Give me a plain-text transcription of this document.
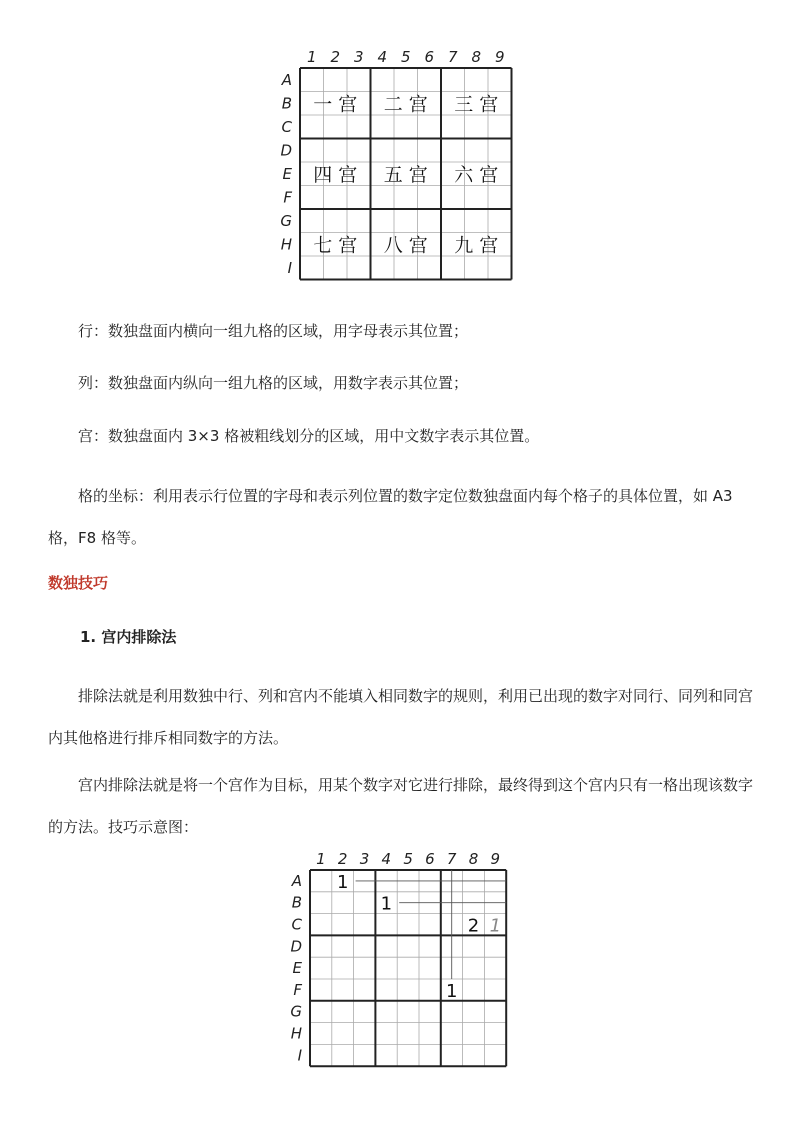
1 2 3 4 5 6 7 8 9
A
B
C
D
E
F
G
H
I
一 宫 二 宫 三 宫
四 宫 五 宫 六 宫
七 宫 八 宫 九 宫

行：数独盘面内横向一组九格的区域，用字母表示其位置；

列：数独盘面内纵向一组九格的区域，用数字表示其位置；

宫：数独盘面内 3×3 格被粗线划分的区域，用中文数字表示其位置。

格的坐标：利用表示行位置的字母和表示列位置的数字定位数独盘面内每个格子的具体位置，如 A3 格，F8 格等。

数独技巧
1. 宫内排除法

排除法就是利用数独中行、列和宫内不能填入相同数字的规则，利用已出现的数字对同行、同列和同宫内其他格进行排斥相同数字的方法。

宫内排除法就是将一个宫作为目标，用某个数字对它进行排除，最终得到这个宫内只有一格出现该数字的方法。技巧示意图：

1 2 3 4 5 6 7 8 9
A
B
C
D
E
F
G
H
I
1
1
2
1
1
